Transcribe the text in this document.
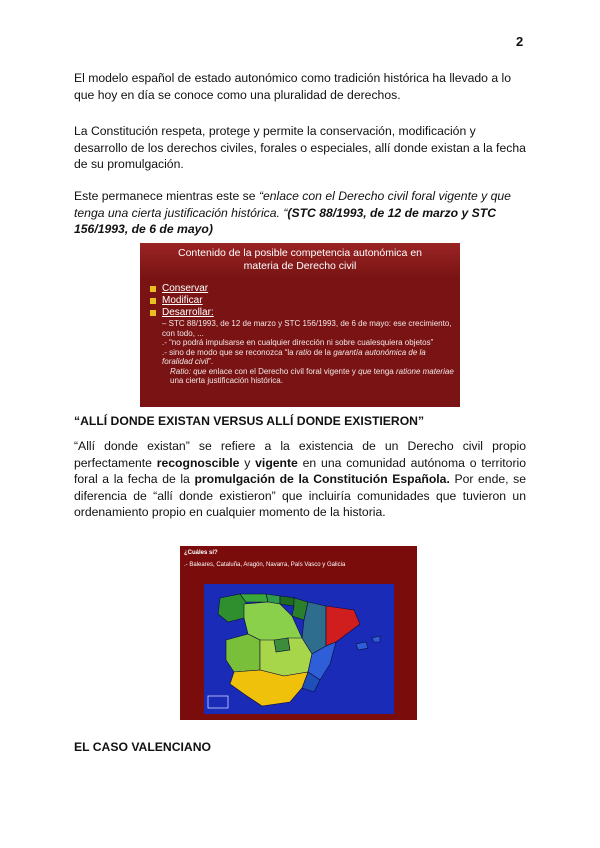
2

El modelo español de estado autonómico como tradición histórica ha llevado a lo que hoy en día se conoce como una pluralidad de derechos.

La Constitución respeta, protege y permite la conservación, modificación y desarrollo de los derechos civiles, forales o especiales, allí donde existan a la fecha de su promulgación.

Este permanece mientras este se “enlace con el Derecho civil foral vigente y que tenga una cierta justificación histórica. “(STC 88/1993, de 12 de marzo y STC 156/1993, de 6 de mayo)

Contenido de la posible competencia autonómica en materia de Derecho civil
Conservar
Modificar
Desarrollar:
– STC 88/1993, de 12 de marzo y STC 156/1993, de 6 de mayo: ese crecimiento, con todo, ...
.- “no podrá impulsarse en cualquier dirección ni sobre cualesquiera objetos”
.- sino de modo que se reconozca “la ratio de la garantía autonómica de la foralidad civil”.
Ratio: que enlace con el Derecho civil foral vigente y que tenga ratione materiae una cierta justificación histórica.
“ALLÍ DONDE EXISTAN VERSUS ALLÍ DONDE EXISTIERON”

“Allí donde existan” se refiere a la existencia de un Derecho civil propio perfectamente recognoscible y vigente en una comunidad autónoma o territorio foral a la fecha de la promulgación de la Constitución Española. Por ende, se diferencia de “allí donde existieron” que incluiría comunidades que tuvieron un ordenamiento propio en cualquier momento de la historia.

¿Cuáles sí?
.- Baleares, Cataluña, Aragón, Navarra, País Vasco y Galicia
EL CASO VALENCIANO
